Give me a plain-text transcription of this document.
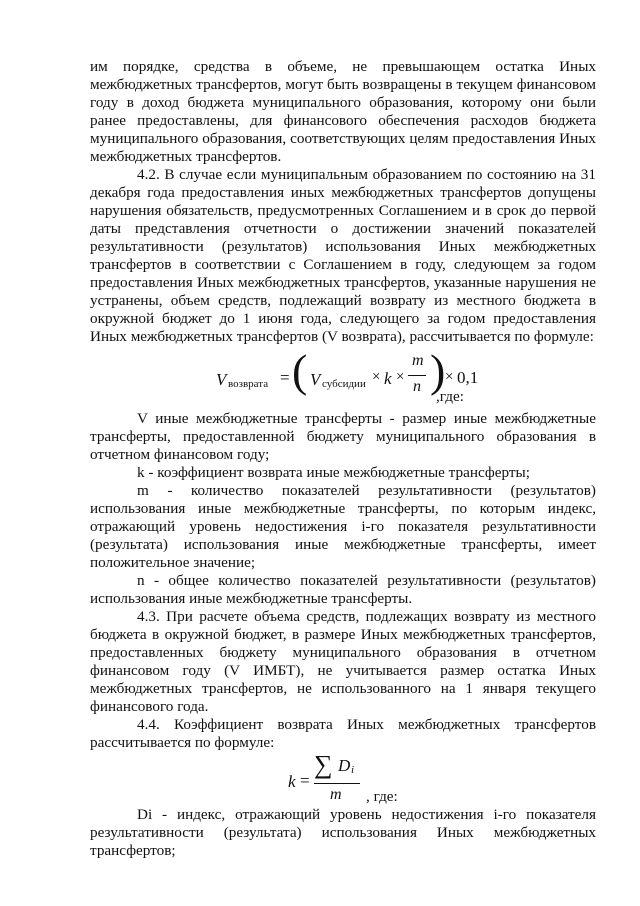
им порядке, средства в объеме, не превышающем остатка Иных межбюджетных трансфертов, могут быть возвращены в текущем финансовом году в доход бюджета муниципального образования, которому они были ранее предоставлены, для финансового обеспечения расходов бюджета муниципального образования, соответствующих целям предоставления Иных межбюджетных трансфертов.

4.2. В случае если муниципальным образованием по состоянию на 31 декабря года предоставления иных межбюджетных трансфертов допущены нарушения обязательств, предусмотренных Соглашением и в срок до первой даты представления отчетности о достижении значений показателей результативности (результатов) использования Иных межбюджетных трансфертов в соответствии с Соглашением в году, следующем за годом предоставления Иных межбюджетных трансфертов, указанные нарушения не устранены, объем средств, подлежащий возврату из местного бюджета в окружной бюджет до 1 июня года, следующего за годом предоставления Иных межбюджетных трансфертов (V возврата), рассчитывается по формуле:

V возврата = ( V субсидии × k ×
m
n ) × 0,1
,где:

V иные межбюджетные трансферты - размер иные межбюджетные трансферты, предоставленной бюджету муниципального образования в отчетном финансовом году;

k - коэффициент возврата иные межбюджетные трансферты;

m - количество показателей результативности (результатов) использования иные межбюджетные трансферты, по которым индекс, отражающий уровень недостижения i-го показателя результативности (результата) использования иные межбюджетные трансферты, имеет положительное значение;

n - общее количество показателей результативности (результатов) использования иные межбюджетные трансферты.

4.3. При расчете объема средств, подлежащих возврату из местного бюджета в окружной бюджет, в размере Иных межбюджетных трансфертов, предоставленных бюджету муниципального образования в отчетном финансовом году (V ИМБТ), не учитывается размер остатка Иных межбюджетных трансфертов, не использованного на 1 января текущего финансового года.

4.4. Коэффициент возврата Иных межбюджетных трансфертов рассчитывается по формуле:

k =
∑ D i
m , где:

Di - индекс, отражающий уровень недостижения i-го показателя результативности (результата) использования Иных межбюджетных трансфертов;
